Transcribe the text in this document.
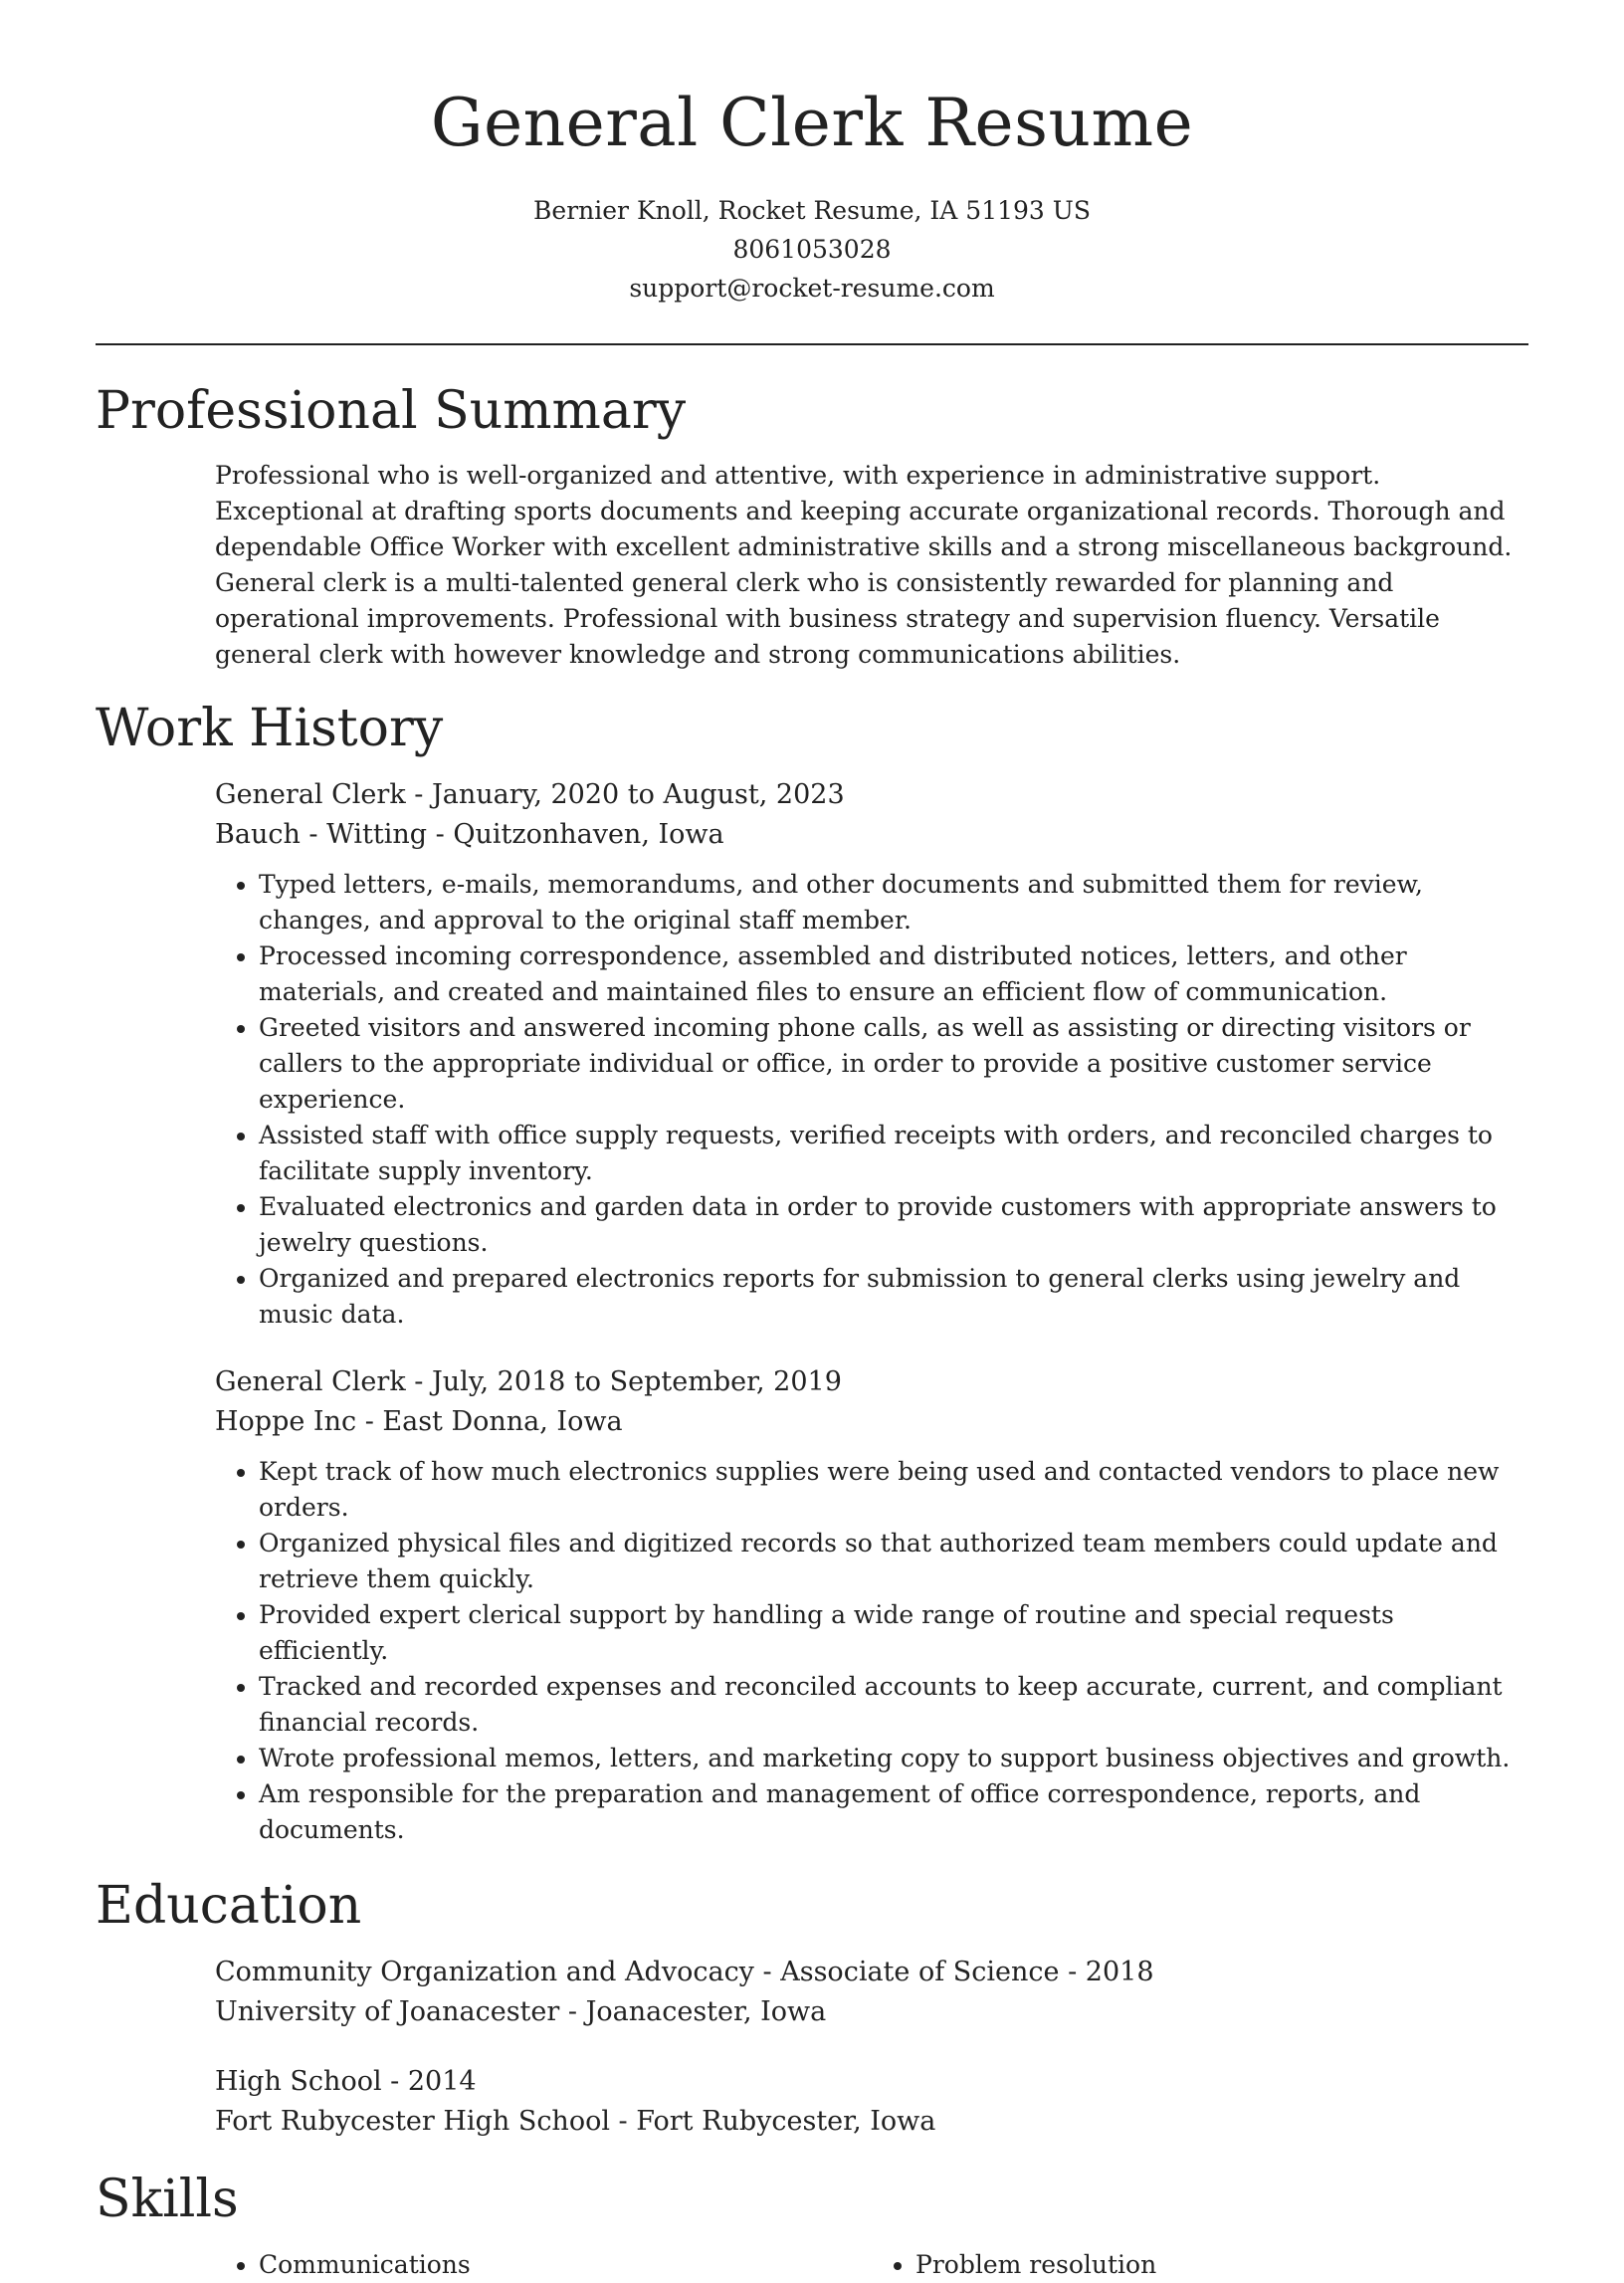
General Clerk Resume
Bernier Knoll, Rocket Resume, IA 51193 US
8061053028
support@rocket-resume.com
Professional Summary

Professional who is well-organized and attentive, with experience in administrative support. Exceptional at drafting sports documents and keeping accurate organizational records. Thorough and dependable Office Worker with excellent administrative skills and a strong miscellaneous background. General clerk is a multi-talented general clerk who is consistently rewarded for planning and operational improvements. Professional with business strategy and supervision fluency. Versatile general clerk with however knowledge and strong communications abilities.

Work History
General Clerk - January, 2020 to August, 2023
Bauch - Witting - Quitzonhaven, Iowa
• Typed letters, e-mails, memorandums, and other documents and submitted them for review, changes, and approval to the original staff member.
• Processed incoming correspondence, assembled and distributed notices, letters, and other materials, and created and maintained files to ensure an efficient flow of communication.
• Greeted visitors and answered incoming phone calls, as well as assisting or directing visitors or callers to the appropriate individual or office, in order to provide a positive customer service experience.
• Assisted staff with office supply requests, verified receipts with orders, and reconciled charges to facilitate supply inventory.
• Evaluated electronics and garden data in order to provide customers with appropriate answers to jewelry questions.
• Organized and prepared electronics reports for submission to general clerks using jewelry and music data.
General Clerk - July, 2018 to September, 2019
Hoppe Inc - East Donna, Iowa
• Kept track of how much electronics supplies were being used and contacted vendors to place new orders.
• Organized physical files and digitized records so that authorized team members could update and retrieve them quickly.
• Provided expert clerical support by handling a wide range of routine and special requests efficiently.
• Tracked and recorded expenses and reconciled accounts to keep accurate, current, and compliant financial records.
• Wrote professional memos, letters, and marketing copy to support business objectives and growth.
• Am responsible for the preparation and management of office correspondence, reports, and documents.
Education
Community Organization and Advocacy - Associate of Science - 2018
University of Joanacester - Joanacester, Iowa
High School - 2014
Fort Rubycester High School - Fort Rubycester, Iowa
Skills
• Communications
•	Problem resolution
